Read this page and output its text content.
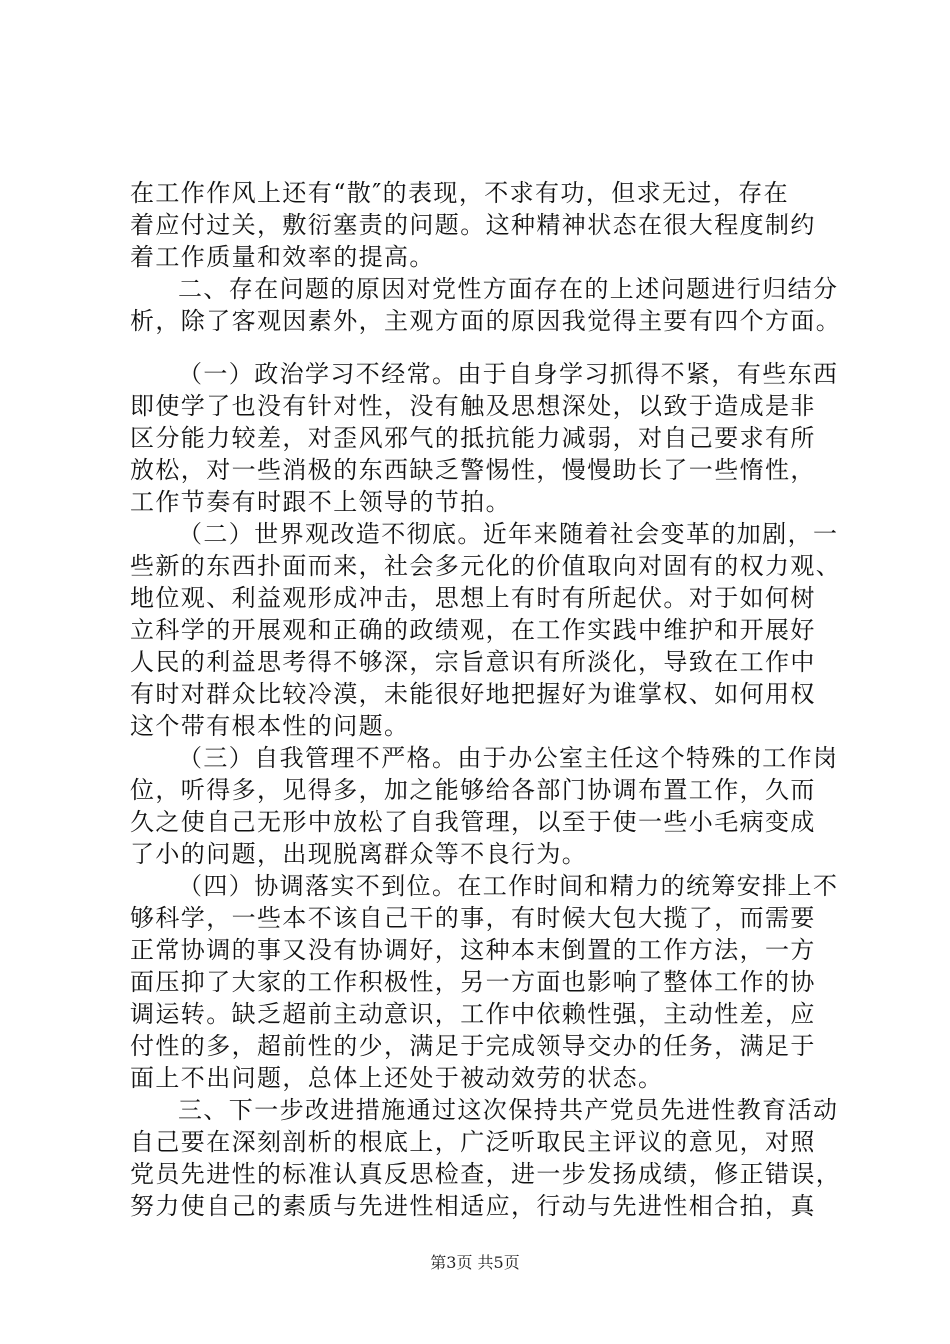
在工作作风上还有“散″的表现，不求有功，但求无过，存在
着应付过关，敷衍塞责的问题。这种精神状态在很大程度制约
着工作质量和效率的提高。
二、存在问题的原因对党性方面存在的上述问题进行归结分
析，除了客观因素外，主观方面的原因我觉得主要有四个方面。
（一）政治学习不经常。由于自身学习抓得不紧，有些东西
即使学了也没有针对性，没有触及思想深处，以致于造成是非
区分能力较差，对歪风邪气的抵抗能力减弱，对自己要求有所
放松，对一些消极的东西缺乏警惕性，慢慢助长了一些惰性，
工作节奏有时跟不上领导的节拍。
（二）世界观改造不彻底。近年来随着社会变革的加剧，一
些新的东西扑面而来，社会多元化的价值取向对固有的权力观、
地位观、利益观形成冲击，思想上有时有所起伏。对于如何树
立科学的开展观和正确的政绩观，在工作实践中维护和开展好
人民的利益思考得不够深，宗旨意识有所淡化，导致在工作中
有时对群众比较冷漠，未能很好地把握好为谁掌权、如何用权
这个带有根本性的问题。
（三）自我管理不严格。由于办公室主任这个特殊的工作岗
位，听得多，见得多，加之能够给各部门协调布置工作，久而
久之使自己无形中放松了自我管理，以至于使一些小毛病变成
了小的问题，出现脱离群众等不良行为。
（四）协调落实不到位。在工作时间和精力的统筹安排上不
够科学，一些本不该自己干的事，有时候大包大揽了，而需要
正常协调的事又没有协调好，这种本末倒置的工作方法，一方
面压抑了大家的工作积极性，另一方面也影响了整体工作的协
调运转。缺乏超前主动意识，工作中依赖性强，主动性差，应
付性的多，超前性的少，满足于完成领导交办的任务，满足于
面上不出问题，总体上还处于被动效劳的状态。
三、下一步改进措施通过这次保持共产党员先进性教育活动
自己要在深刻剖析的根底上，广泛听取民主评议的意见，对照
党员先进性的标准认真反思检查，进一步发扬成绩，修正错误，
努力使自己的素质与先进性相适应，行动与先进性相合拍，真
第3页 共5页
